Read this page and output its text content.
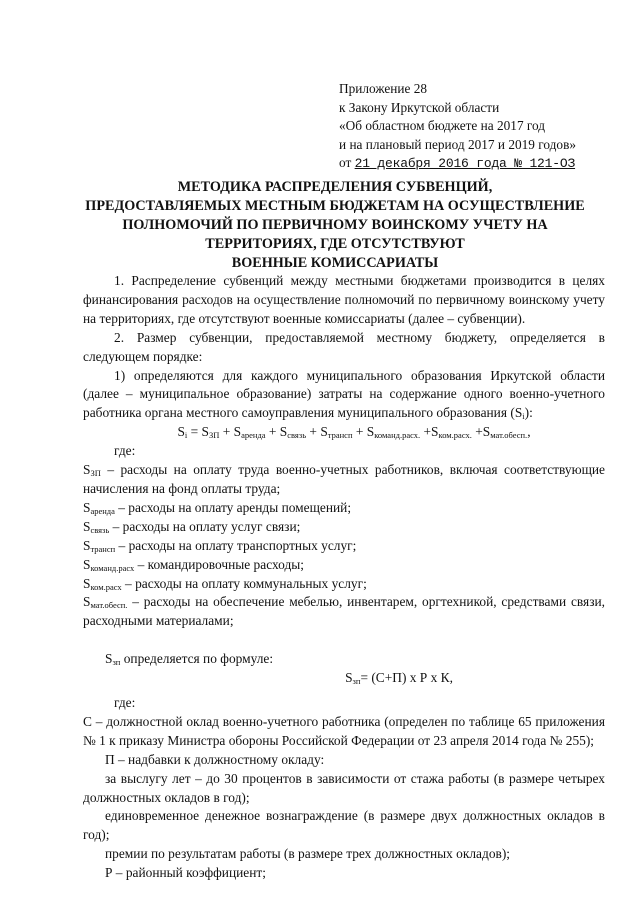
Приложение 28
к Закону Иркутской области
«Об областном бюджете на 2017 год
и на плановый период 2017 и 2019 годов»
от 21 декабря 2016 года № 121-ОЗ
МЕТОДИКА РАСПРЕДЕЛЕНИЯ СУБВЕНЦИЙ,
ПРЕДОСТАВЛЯЕМЫХ МЕСТНЫМ БЮДЖЕТАМ НА ОСУЩЕСТВЛЕНИЕ
ПОЛНОМОЧИЙ ПО ПЕРВИЧНОМУ ВОИНСКОМУ УЧЕТУ НА
ТЕРРИТОРИЯХ, ГДЕ ОТСУТСТВУЮТ
ВОЕННЫЕ КОМИССАРИАТЫ
1. Распределение субвенций между местными бюджетами производится в целях финансирования расходов на осуществление полномочий по первичному воинскому учету на территориях, где отсутствуют военные комиссариаты (далее – субвенции).
2. Размер субвенции, предоставляемой местному бюджету, определяется в следующем порядке:
1) определяются для каждого муниципального образования Иркутской области (далее – муниципальное образование) затраты на содержание одного военно-учетного работника органа местного самоуправления муниципального образования $(S_i)$:
$S_i = S_{ЗП} + S_{аренда} + S_{связь} + S_{трансп} + S_{команд.расх.} +S_{ком.расх.} +S_{мат.обесп.}$,
где:
$S_{ЗП}$ – расходы на оплату труда военно-учетных работников, включая соответствующие начисления на фонд оплаты труда;
$S_{аренда}$ – расходы на оплату аренды помещений;
$S_{связь}$ – расходы на оплату услуг связи;
$S_{трансп}$ – расходы на оплату транспортных услуг;
$S_{команд.расх}$ – командировочные расходы;
$S_{ком.расх}$ – расходы на оплату коммунальных услуг;
$S_{мат.обесп.}$ – расходы на обеспечение мебелью, инвентарем, оргтехникой, средствами связи, расходными материалами;
$S_{зп}$ определяется по формуле:
$S_{зп}= (С+П)$ х Р х К,
где:
С – должностной оклад военно-учетного работника (определен по таблице 65 приложения № 1 к приказу Министра обороны Российской Федерации от 23 апреля 2014 года № 255);
П – надбавки к должностному окладу:
за выслугу лет – до 30 процентов в зависимости от стажа работы (в размере четырех должностных окладов в год);
единовременное денежное вознаграждение (в размере двух должностных окладов в год);
премии по результатам работы (в размере трех должностных окладов);
Р – районный коэффициент;
